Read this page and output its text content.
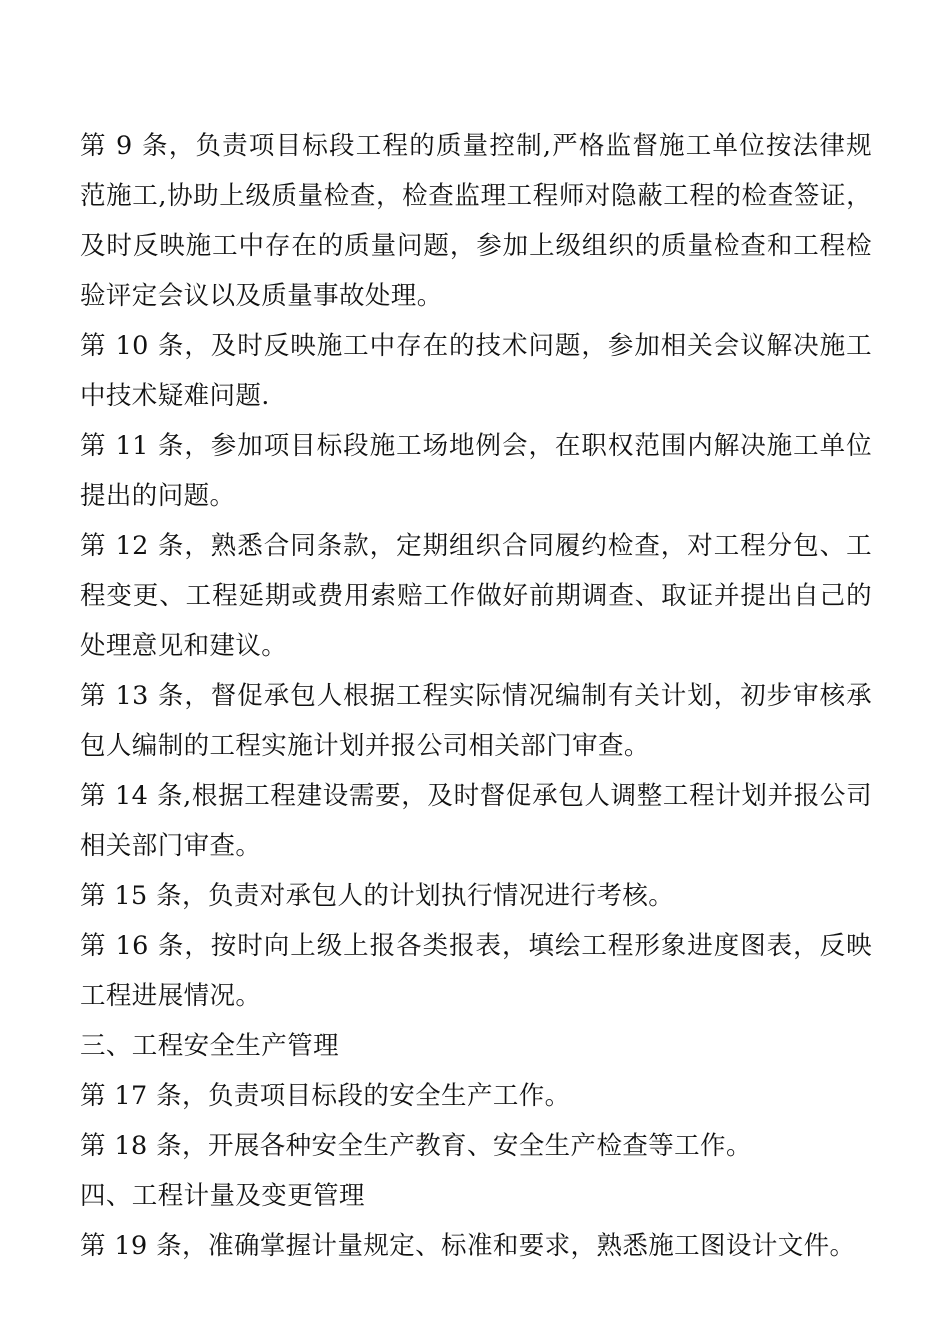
第 9 条，负责项目标段工程的质量控制,严格监督施工单位按法律规范施工,协助上级质量检查，检查监理工程师对隐蔽工程的检查签证，及时反映施工中存在的质量问题，参加上级组织的质量检查和工程检验评定会议以及质量事故处理。

第 10 条，及时反映施工中存在的技术问题，参加相关会议解决施工中技术疑难问题.

第 11 条，参加项目标段施工场地例会，在职权范围内解决施工单位提出的问题。

第 12 条，熟悉合同条款，定期组织合同履约检查，对工程分包、工程变更、工程延期或费用索赔工作做好前期调查、取证并提出自己的处理意见和建议。

第 13 条，督促承包人根据工程实际情况编制有关计划，初步审核承包人编制的工程实施计划并报公司相关部门审查。

第 14 条,根据工程建设需要，及时督促承包人调整工程计划并报公司相关部门审查。

第 15 条，负责对承包人的计划执行情况进行考核。

第 16 条，按时向上级上报各类报表，填绘工程形象进度图表，反映工程进展情况。

三、工程安全生产管理

第 17 条，负责项目标段的安全生产工作。

第 18 条，开展各种安全生产教育、安全生产检查等工作。

四、工程计量及变更管理

第 19 条，准确掌握计量规定、标准和要求，熟悉施工图设计文件。
